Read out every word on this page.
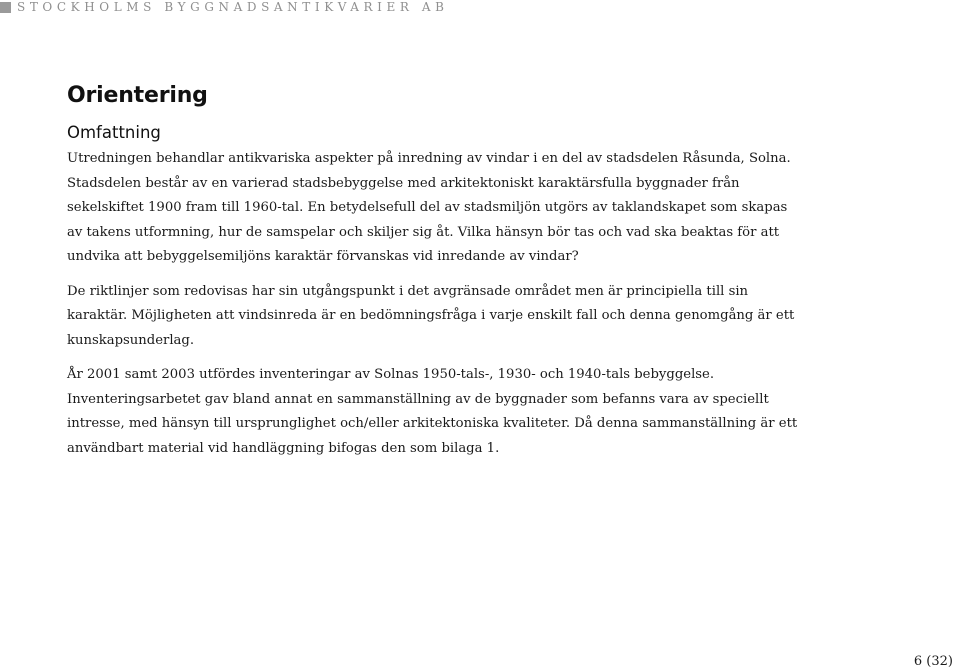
STOCKHOLMS BYGGNADSANTIKVARIER AB
Orientering
Omfattning
Utredningen behandlar antikvariska aspekter på inredning av vindar i en del av stadsdelen Råsunda, Solna.
Stadsdelen består av en varierad stadsbebyggelse med arkitektoniskt karaktärsfulla byggnader från
sekelskiftet 1900 fram till 1960-tal. En betydelsefull del av stadsmiljön utgörs av taklandskapet som skapas
av takens utformning, hur de samspelar och skiljer sig åt. Vilka hänsyn bör tas och vad ska beaktas för att
undvika att bebyggelsemiljöns karaktär förvanskas vid inredande av vindar?
De riktlinjer som redovisas har sin utgångspunkt i det avgränsade området men är principiella till sin
karaktär. Möjligheten att vindsinreda är en bedömningsfråga i varje enskilt fall och denna genomgång är ett
kunskapsunderlag.
År 2001 samt 2003 utfördes inventeringar av Solnas 1950-tals-, 1930- och 1940-tals bebyggelse.
Inventeringsarbetet gav bland annat en sammanställning av de byggnader som befanns vara av speciellt
intresse, med hänsyn till ursprunglighet och/eller arkitektoniska kvaliteter. Då denna sammanställning är ett
användbart material vid handläggning bifogas den som bilaga 1.
6 (32)
